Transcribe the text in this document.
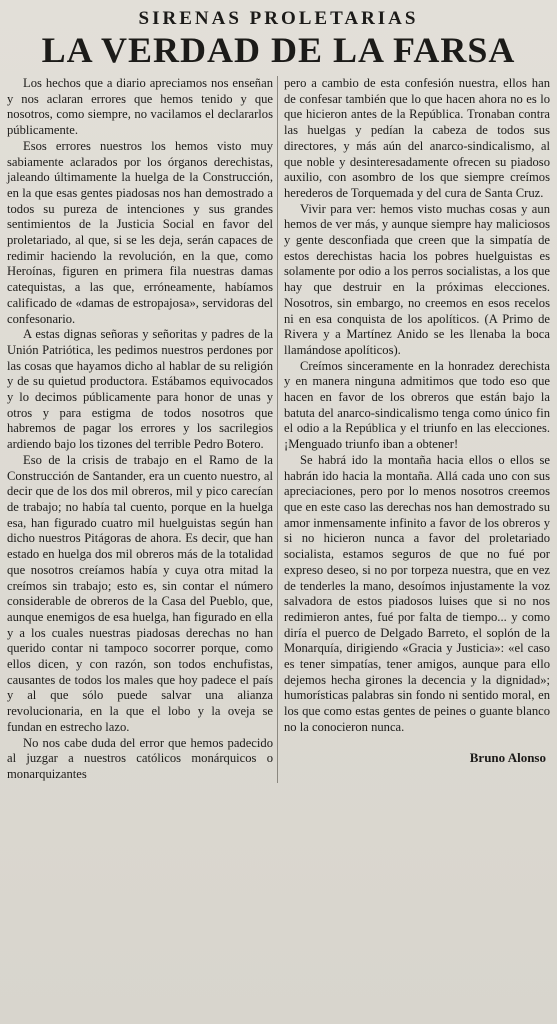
SIRENAS PROLETARIAS
LA VERDAD DE LA FARSA

Los hechos que a diario apreciamos nos enseñan y nos aclaran errores que hemos tenido y que nosotros, como siempre, no vacilamos el declararlos públicamente.

Esos errores nuestros los hemos visto muy sabiamente aclarados por los órganos derechistas, jaleando últimamente la huelga de la Construcción, en la que esas gentes piadosas nos han demostrado a todos su pureza de intenciones y sus grandes sentimientos de la Justicia Social en favor del proletariado, al que, si se les deja, serán capaces de redimir haciendo la revolución, en la que, como Heroínas, figuren en primera fila nuestras damas catequistas, a las que, erróneamente, habíamos calificado de «damas de estropajosa», servidoras del confesonario.

A estas dignas señoras y señoritas y padres de la Unión Patriótica, les pedimos nuestros perdones por las cosas que hayamos dicho al hablar de su religión y de su quietud productora. Estábamos equivocados y lo decimos públicamente para honor de unas y otros y para estigma de todos nosotros que habremos de pagar los errores y los sacrilegios ardiendo bajo los tizones del terrible Pedro Botero.

Eso de la crisis de trabajo en el Ramo de la Construcción de Santander, era un cuento nuestro, al decir que de los dos mil obreros, mil y pico carecían de trabajo; no había tal cuento, porque en la huelga esa, han figurado cuatro mil huelguistas según han dicho nuestros Pitágoras de ahora. Es decir, que han estado en huelga dos mil obreros más de la totalidad que nosotros creíamos había y cuya otra mitad la creímos sin trabajo; esto es, sin contar el número considerable de obreros de la Casa del Pueblo, que, aunque enemigos de esa huelga, han figurado en ella y a los cuales nuestras piadosas derechas no han querido contar ni tampoco socorrer porque, como ellos dicen, y con razón, son todos enchufistas, causantes de todos los males que hoy padece el país y al que sólo puede salvar una alianza revolucionaria, en la que el lobo y la oveja se fundan en estrecho lazo.

No nos cabe duda del error que hemos padecido al juzgar a nuestros católicos monárquicos o monarquizantes

pero a cambio de esta confesión nuestra, ellos han de confesar también que lo que hacen ahora no es lo que hicieron antes de la República. Tronaban contra las huelgas y pedían la cabeza de todos sus directores, y más aún del anarco-sindicalismo, al que noble y desinteresadamente ofrecen su piadoso auxilio, con asombro de los que siempre creímos herederos de Torquemada y del cura de Santa Cruz.

Vivir para ver: hemos visto muchas cosas y aun hemos de ver más, y aunque siempre hay maliciosos y gente desconfiada que creen que la simpatía de estos derechistas hacia los pobres huelguistas es solamente por odio a los perros socialistas, a los que hay que destruir en la próximas elecciones. Nosotros, sin embargo, no creemos en esos recelos ni en esa conquista de los apolíticos. (A Primo de Rivera y a Martínez Anido se les llenaba la boca llamándose apolíticos).

Creímos sinceramente en la honradez derechista y en manera ninguna admitimos que todo eso que hacen en favor de los obreros que están bajo la batuta del anarco-sindicalismo tenga como único fin el odio a la República y el triunfo en las elecciones. ¡Menguado triunfo iban a obtener!

Se habrá ido la montaña hacia ellos o ellos se habrán ido hacia la montaña. Allá cada uno con sus apreciaciones, pero por lo menos nosotros creemos que en este caso las derechas nos han demostrado su amor inmensamente infinito a favor de los obreros y si no hicieron nunca a favor del proletariado socialista, estamos seguros de que no fué por expreso deseo, si no por torpeza nuestra, que en vez de tenderles la mano, desoímos injustamente la voz salvadora de estos piadosos luises que si no nos redimieron antes, fué por falta de tiempo... y como diría el puerco de Delgado Barreto, el soplón de la Monarquía, dirigiendo «Gracia y Justicia»: «el caso es tener simpatías, tener amigos, aunque para ello dejemos hecha girones la decencia y la dignidad»; humorísticas palabras sin fondo ni sentido moral, en los que como estas gentes de peines o guante blanco no la conocieron nunca.

Bruno Alonso
